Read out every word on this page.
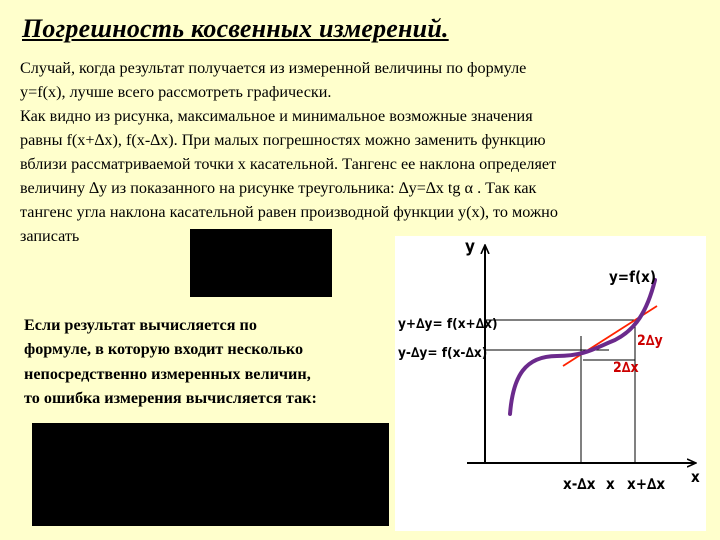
Погрешность косвенных измерений.
Случай, когда результат получается из измеренной величины по формуле
y=f(x), лучше всего рассмотреть графически.
Как видно из рисунка, максимальное и минимальное возможные значения
равны f(x+∆x), f(x-∆x). При малых погрешностях можно заменить функцию
вблизи рассматриваемой точки x касательной. Тангенс ее наклона определяет
величину ∆y из показанного на рисунке треугольника: ∆y=∆x tg α . Так как
тангенс угла наклона касательной равен производной функции y(x), то можно
записать
Если результат вычисляется по
формуле, в которую входит несколько
непосредственно измеренных величин,
то ошибка измерения вычисляется так:
y
x
y=f(x)
y+∆y= f(x+∆x)
y-∆y= f(x-∆x)
2∆y
2∆x
x-∆x x x+∆x
